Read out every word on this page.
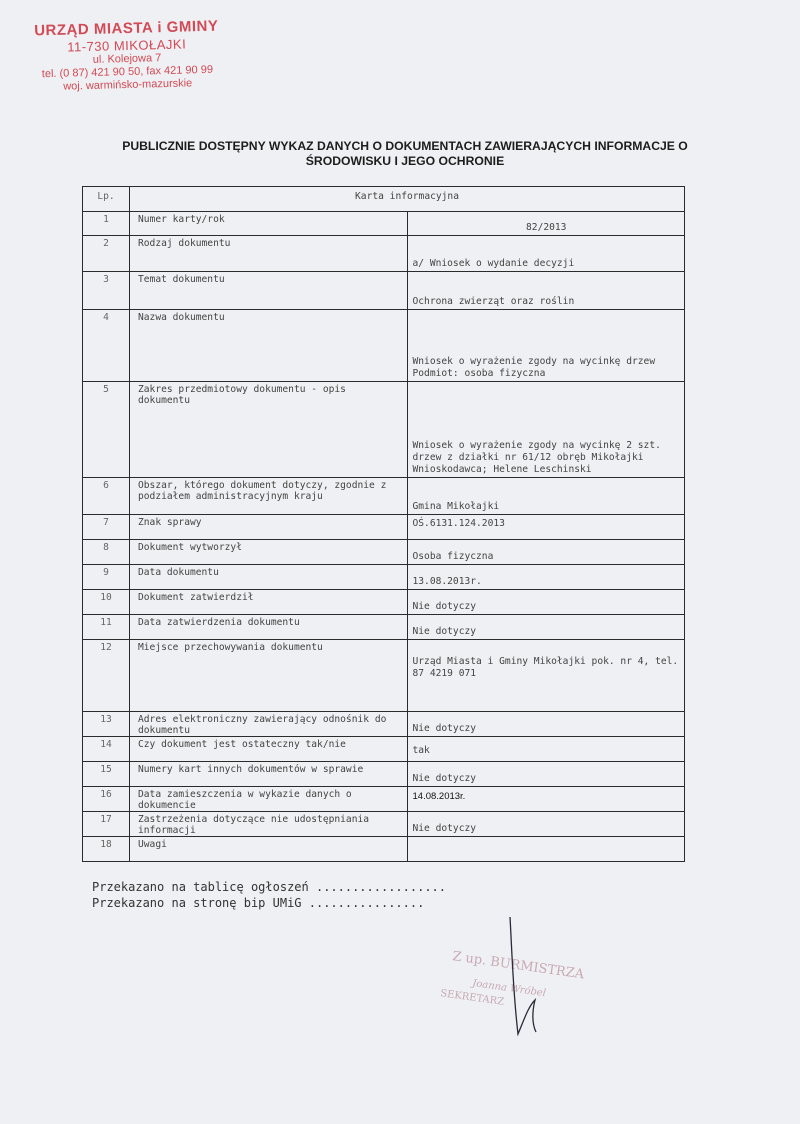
URZĄD MIASTA i GMINY
11-730 MIKOŁAJKI
ul. Kolejowa 7
tel. (0 87) 421 90 50, fax 421 90 99
woj. warmińsko-mazurskie
PUBLICZNIE DOSTĘPNY WYKAZ DANYCH O DOKUMENTACH ZAWIERAJĄCYCH INFORMACJE O
ŚRODOWISKU I JEGO OCHRONIE
Lp.	Karta informacyjna	
1	Numer karty/rok	82/2013
2	Rodzaj dokumentu	a/ Wniosek o wydanie decyzji
3	Temat dokumentu	Ochrona zwierząt oraz roślin
4	Nazwa dokumentu	Wniosek o wyrażenie zgody na wycinkę drzew Podmiot: osoba fizyczna
5	Zakres przedmiotowy dokumentu - opis dokumentu	Wniosek o wyrażenie zgody na wycinkę 2 szt. drzew z działki nr 61/12 obręb Mikołajki Wnioskodawca; Helene Leschinski
6	Obszar, którego dokument dotyczy, zgodnie z podziałem administracyjnym kraju	Gmina Mikołajki
7	Znak sprawy	OŚ.6131.124.2013
8	Dokument wytworzył	Osoba fizyczna
9	Data dokumentu	13.08.2013r.
10	Dokument zatwierdził	Nie dotyczy
11	Data zatwierdzenia dokumentu	Nie dotyczy
12	Miejsce przechowywania dokumentu	Urząd Miasta i Gminy Mikołajki pok. nr 4, tel. 87 4219 071
13	Adres elektroniczny zawierający odnośnik do dokumentu	Nie dotyczy
14	Czy dokument jest ostateczny tak/nie	tak
15	Numery kart innych dokumentów w sprawie	Nie dotyczy
16	Data zamieszczenia w wykazie danych o dokumencie	14.08.2013r.
17	Zastrzeżenia dotyczące nie udostępniania informacji	Nie dotyczy
18	Uwagi	
Przekazano na tablicę ogłoszeń ..................
Przekazano na stronę bip UMiG ................
Z up. BURMISTRZA
Joanna Wróbel
SEKRETARZ
